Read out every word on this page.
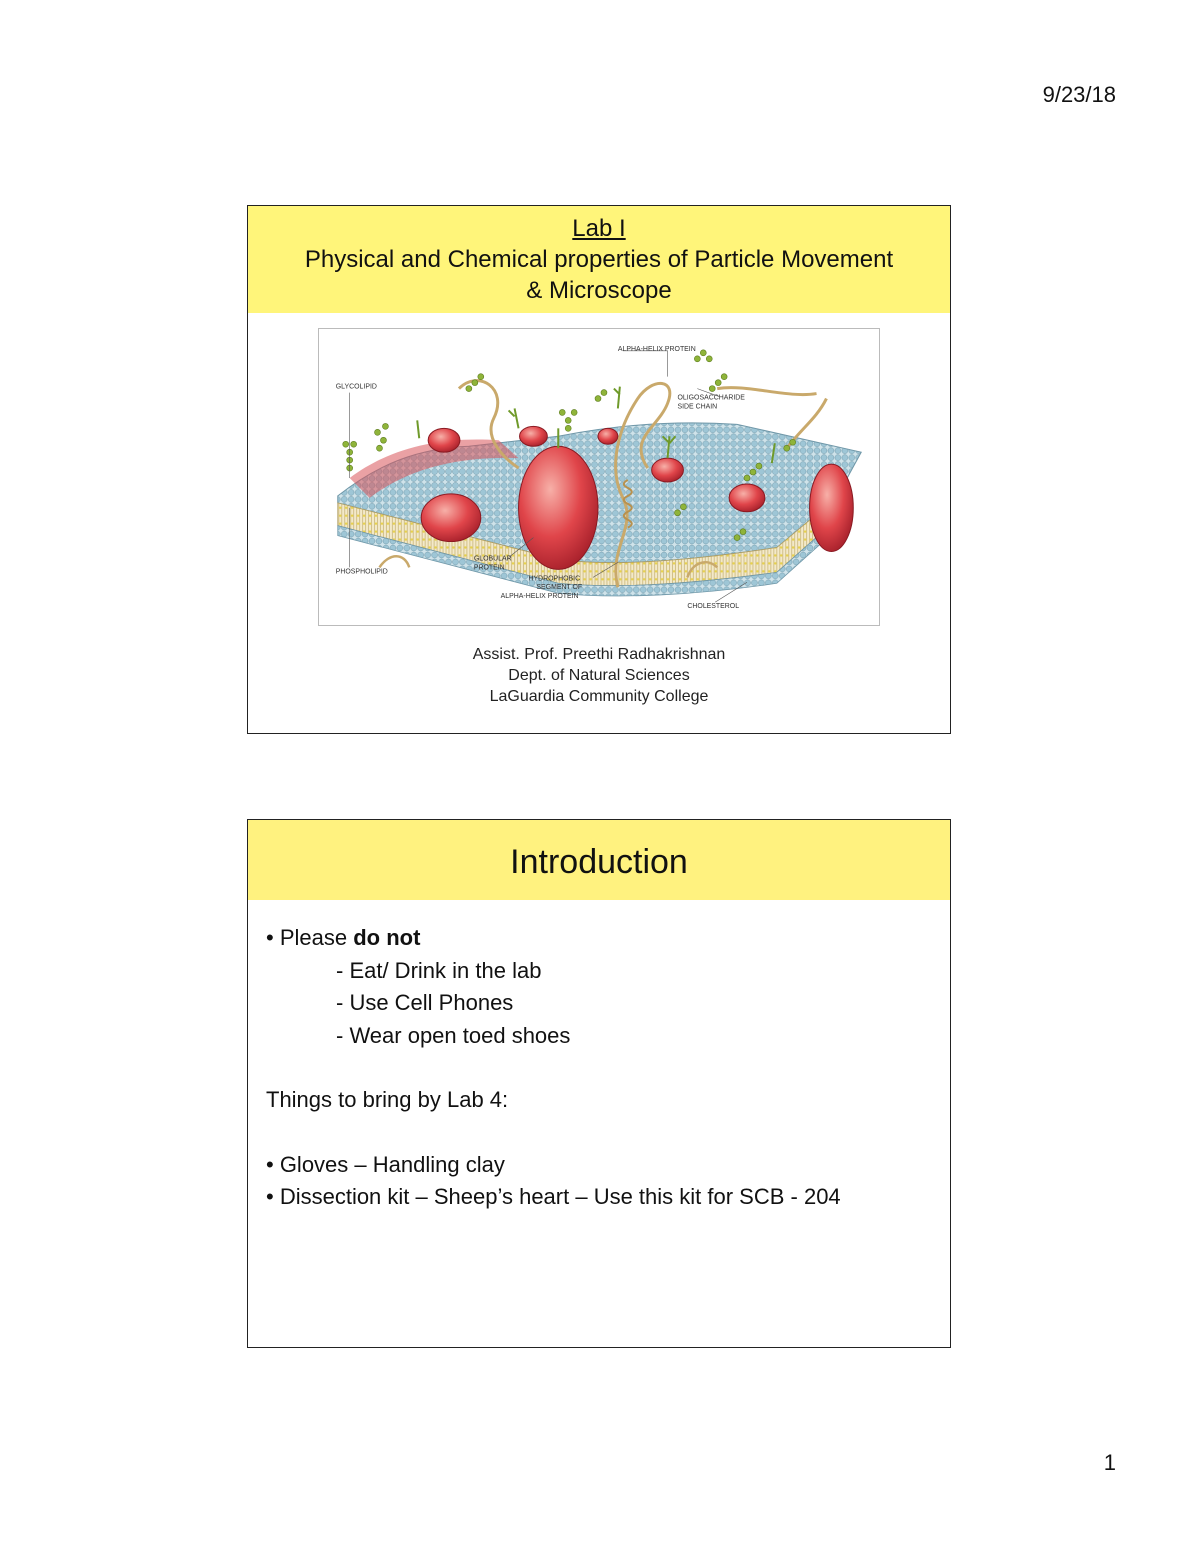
9/23/18
Lab I
Physical and Chemical properties of Particle Movement
& Microscope
ALPHA-HELIX PROTEIN
GLYCOLIPID
OLIGOSACCHARIDE
SIDE CHAIN
GLOBULAR
PROTEIN
HYDROPHOBIC
SEGMENT OF
ALPHA-HELIX PROTEIN
PHOSPHOLIPID
CHOLESTEROL
Assist. Prof. Preethi Radhakrishnan
Dept. of Natural Sciences
LaGuardia Community College
Introduction
• Please do not
- Eat/ Drink in the lab
- Use Cell Phones
- Wear open toed shoes
Things to bring by Lab 4:
• Gloves – Handling clay
• Dissection kit – Sheep’s heart – Use this kit for SCB - 204
1
